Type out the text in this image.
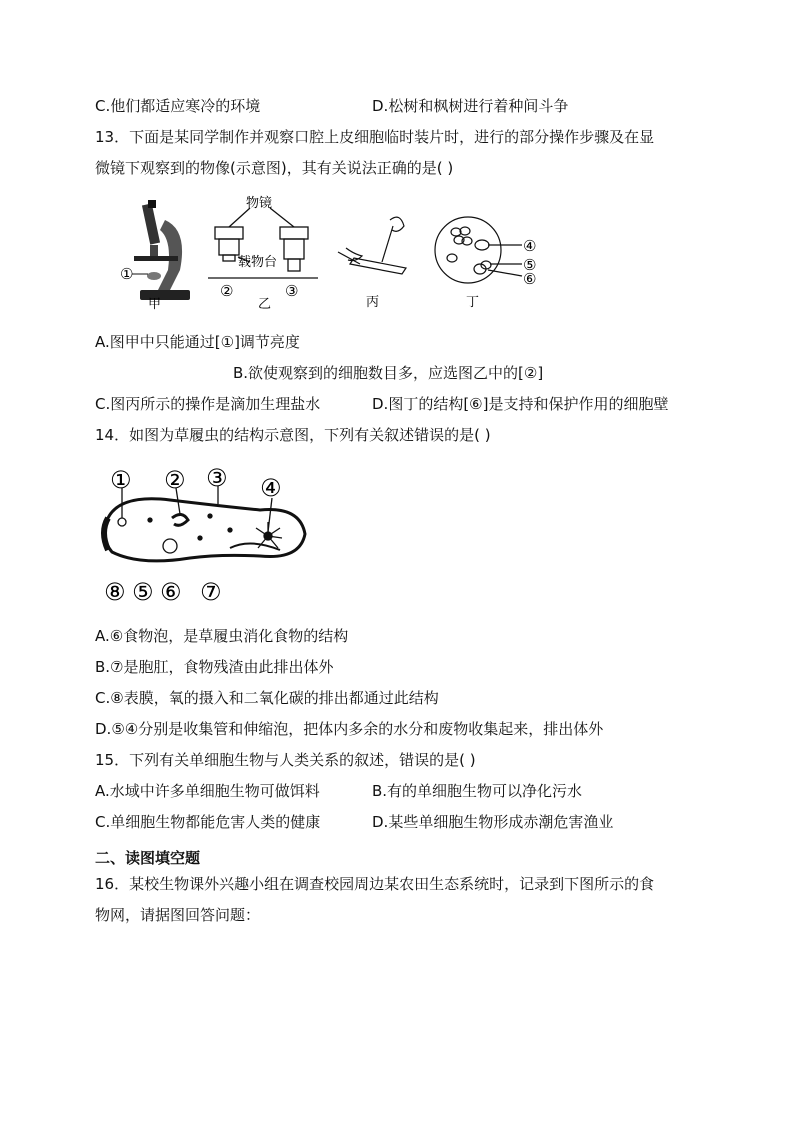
C.他们都适应寒冷的环境	D.松树和枫树进行着种间斗争
13．下面是某同学制作并观察口腔上皮细胞临时装片时，进行的部分操作步骤及在显
微镜下观察到的物像(示意图)，其有关说法正确的是( )
①
甲
物镜
载物台
②	③
乙	丙
④
⑤
⑥
丁
A.图甲中只能通过[①]调节亮度
B.欲使观察到的细胞数目多，应选图乙中的[②]
C.图丙所示的操作是滴加生理盐水	D.图丁的结构[⑥]是支持和保护作用的细胞壁
14．如图为草履虫的结构示意图，下列有关叙述错误的是( )
① ② ③ ④
⑧ ⑤ ⑥ ⑦
A.⑥食物泡，是草履虫消化食物的结构
B.⑦是胞肛，食物残渣由此排出体外
C.⑧表膜，氧的摄入和二氧化碳的排出都通过此结构
D.⑤④分别是收集管和伸缩泡，把体内多余的水分和废物收集起来，排出体外
15．下列有关单细胞生物与人类关系的叙述，错误的是( )
A.水域中许多单细胞生物可做饵料	B.有的单细胞生物可以净化污水
C.单细胞生物都能危害人类的健康	D.某些单细胞生物形成赤潮危害渔业
二、读图填空题
16．某校生物课外兴趣小组在调查校园周边某农田生态系统时，记录到下图所示的食
物网，请据图回答问题：
